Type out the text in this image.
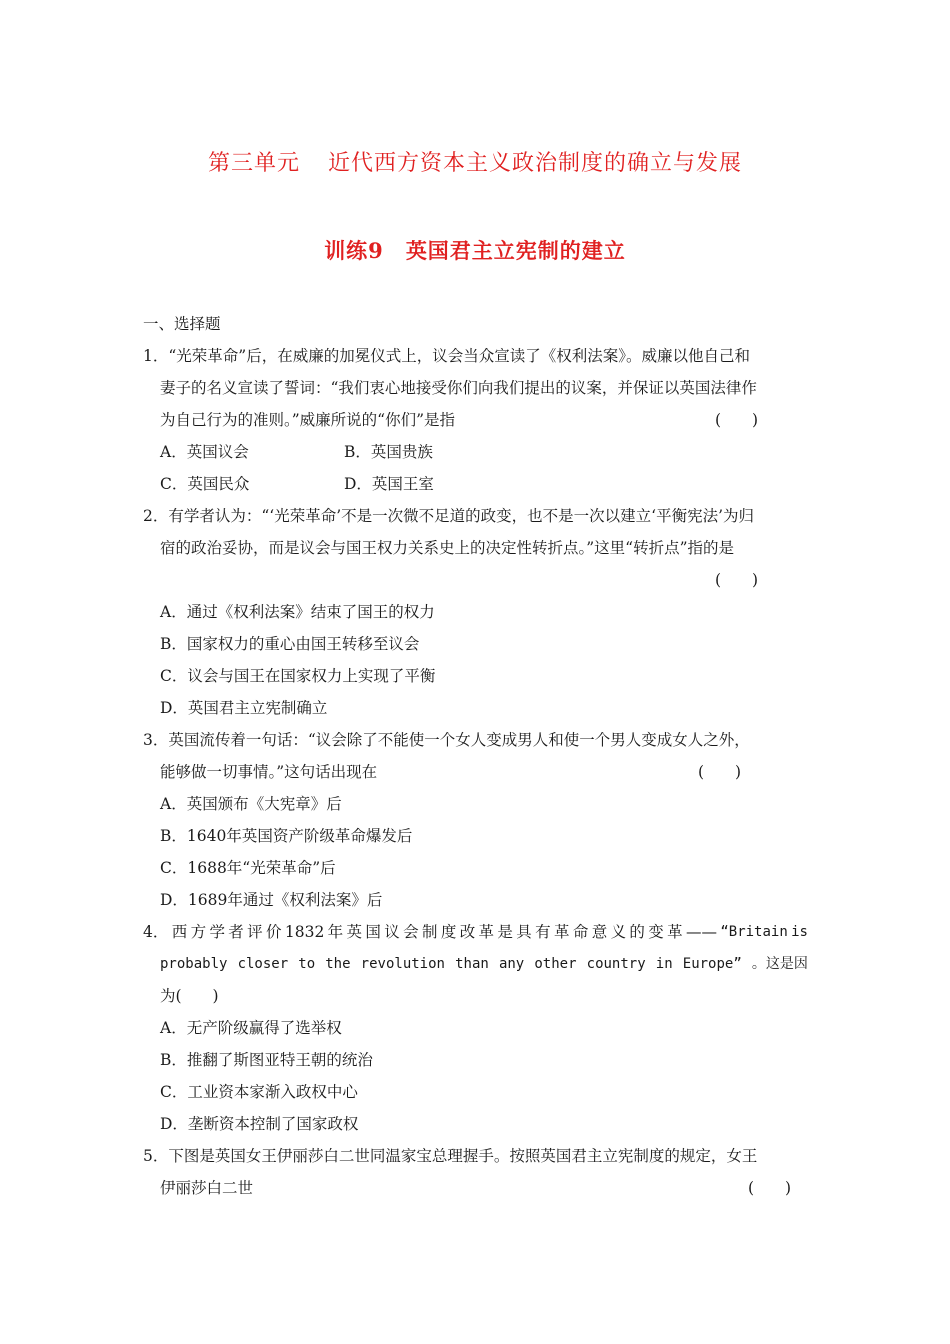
第三单元 近代西方资本主义政治制度的确立与发展
训练9 英国君主立宪制的建立
一、选择题
1．“光荣革命”后，在威廉的加冕仪式上，议会当众宣读了《权利法案》。威廉以他自己和
妻子的名义宣读了誓词：“我们衷心地接受你们向我们提出的议案，并保证以英国法律作
为自己行为的准则。”威廉所说的“你们”是指	(　　)
A．英国议会	B．英国贵族
C．英国民众	D．英国王室
2．有学者认为：“‘光荣革命’不是一次微不足道的政变，也不是一次以建立‘平衡宪法’为归
宿的政治妥协，而是议会与国王权力关系史上的决定性转折点。”这里“转折点”指的是
(　　)
A．通过《权利法案》结束了国王的权力
B．国家权力的重心由国王转移至议会
C．议会与国王在国家权力上实现了平衡
D．英国君主立宪制确立
3．英国流传着一句话：“议会除了不能使一个女人变成男人和使一个男人变成女人之外，
能够做一切事情。”这句话出现在	(　　)
A．英国颁布《大宪章》后
B．1640年英国资产阶级革命爆发后
C．1688年“光荣革命”后
D．1689年通过《权利法案》后
4． 西 方 学 者 评 价 1832 年 英 国 议 会 制 度 改 革 是 具 有 革 命 意 义 的 变 革 —— “Britain is
probably closer to the revolution than any other country in Europe” 。这是因
为(　　)
A．无产阶级赢得了选举权
B．推翻了斯图亚特王朝的统治
C．工业资本家渐入政权中心
D．垄断资本控制了国家政权
5．下图是英国女王伊丽莎白二世同温家宝总理握手。按照英国君主立宪制度的规定，女王
伊丽莎白二世	(　　)
